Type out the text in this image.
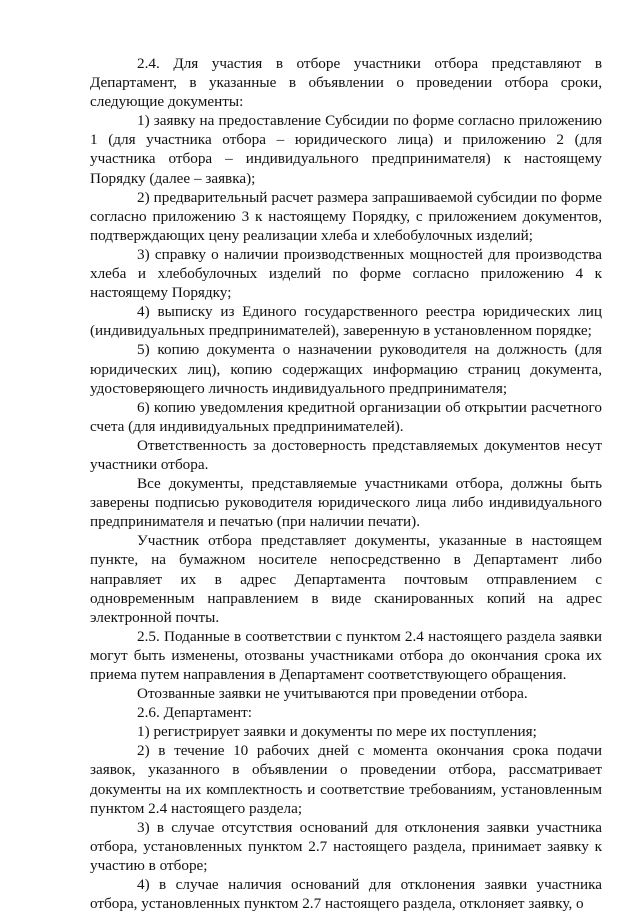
2.4. Для участия в отборе участники отбора представляют в Департамент, в указанные в объявлении о проведении отбора сроки, следующие документы:

1) заявку на предоставление Субсидии по форме согласно приложению 1 (для участника отбора – юридического лица) и приложению 2 (для участника отбора – индивидуального предпринимателя) к настоящему Порядку (далее – заявка);

2) предварительный расчет размера запрашиваемой субсидии по форме согласно приложению 3 к настоящему Порядку, с приложением документов, подтверждающих цену реализации хлеба и хлебобулочных изделий;

3) справку о наличии производственных мощностей для производства хлеба и хлебобулочных изделий по форме согласно приложению 4 к настоящему Порядку;

4) выписку из Единого государственного реестра юридических лиц (индивидуальных предпринимателей), заверенную в установленном порядке;

5) копию документа о назначении руководителя на должность (для юридических лиц), копию содержащих информацию страниц документа, удостоверяющего личность индивидуального предпринимателя;

6) копию уведомления кредитной организации об открытии расчетного счета (для индивидуальных предпринимателей).

Ответственность за достоверность представляемых документов несут участники отбора.

Все документы, представляемые участниками отбора, должны быть заверены подписью руководителя юридического лица либо индивидуального предпринимателя и печатью (при наличии печати).

Участник отбора представляет документы, указанные в настоящем пункте, на бумажном носителе непосредственно в Департамент либо направляет их в адрес Департамента почтовым отправлением с одновременным направлением в виде сканированных копий на адрес электронной почты.

2.5. Поданные в соответствии с пунктом 2.4 настоящего раздела заявки могут быть изменены, отозваны участниками отбора до окончания срока их приема путем направления в Департамент соответствующего обращения.

Отозванные заявки не учитываются при проведении отбора.

2.6. Департамент:

1) регистрирует заявки и документы по мере их поступления;

2) в течение 10 рабочих дней с момента окончания срока подачи заявок, указанного в объявлении о проведении отбора, рассматривает документы на их комплектность и соответствие требованиям, установленным пунктом 2.4 настоящего раздела;

3) в случае отсутствия оснований для отклонения заявки участника отбора, установленных пунктом 2.7 настоящего раздела, принимает заявку к участию в отборе;

4) в случае наличия оснований для отклонения заявки участника отбора, установленных пунктом 2.7 настоящего раздела, отклоняет заявку, о
